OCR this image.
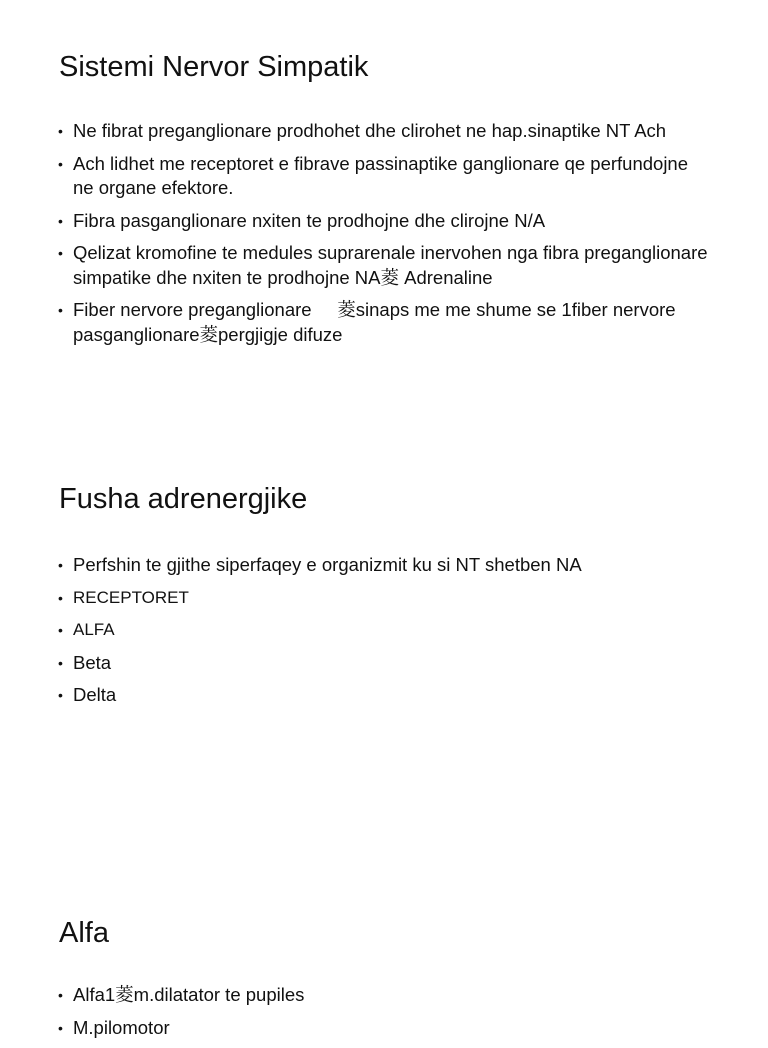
Sistemi Nervor Simpatik
• Ne fibrat preganglionare prodhohet dhe clirohet ne hap.sinaptike NT Ach
• Ach lidhet me receptoret e fibrave passinaptike ganglionare qe perfundojne ne organe efektore.
• Fibra pasganglionare nxiten te prodhojne dhe clirojne N/A
• Qelizat kromofine te medules suprarenale inervohen nga fibra preganglionare simpatike dhe nxiten te prodhojne NA菱 Adrenaline
• Fiber nervore preganglionare     菱sinaps me me shume se 1fiber nervore pasganglionare菱pergjigje difuze
Fusha adrenergjike
• Perfshin te gjithe siperfaqey e organizmit ku si NT shetben NA
• RECEPTORET
• ALFA
• Beta
• Delta
Alfa
• Alfa1菱m.dilatator te pupiles
• M.pilomotor
